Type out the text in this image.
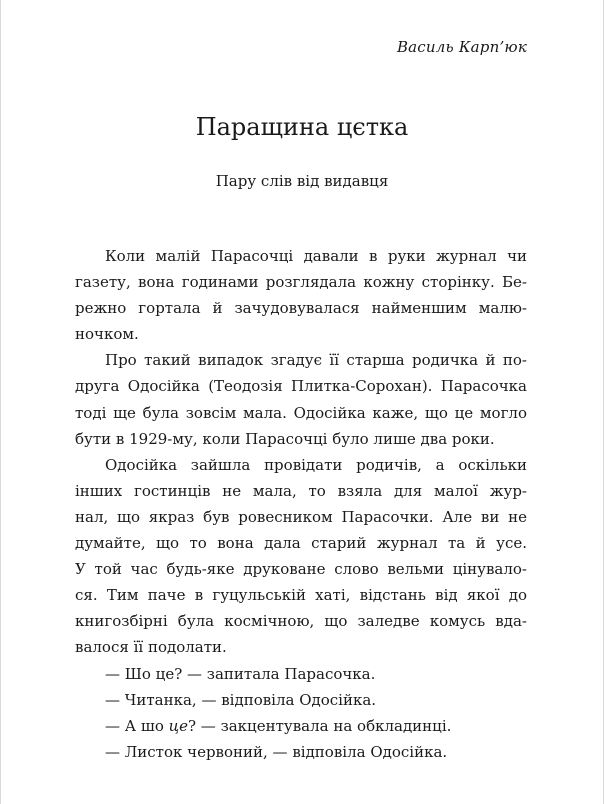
Василь Карп’юк
Паращина цєтка
Пару слів від видавця
Коли малій Парасочці давали в руки журнал чи
газету, вона годинами розглядала кожну сторінку. Бе-
режно гортала й зачудовувалася найменшим малю-
ночком.
Про такий випадок згадує її старша родичка й по-
друга Одосійка (Теодозія Плитка-Сорохан). Парасочка
тоді ще була зовсім мала. Одосійка каже, що це могло
бути в 1929-му, коли Парасочці було лише два роки.
Одосійка зайшла провідати родичів, а оскільки
інших гостинців не мала, то взяла для малої жур-
нал, що якраз був ровесником Парасочки. Але ви не
думайте, що то вона дала старий журнал та й усе.
У той час будь-яке друковане слово вельми цінувало-
ся. Тим паче в гуцульській хаті, відстань від якої до
книгозбірні була космічною, що заледве комусь вда-
валося її подолати.
— Шо це? — запитала Парасочка.
— Читанка, — відповіла Одосійка.
— А шо це? — закцентувала на обкладинці.
— Листок червоний, — відповіла Одосійка.
